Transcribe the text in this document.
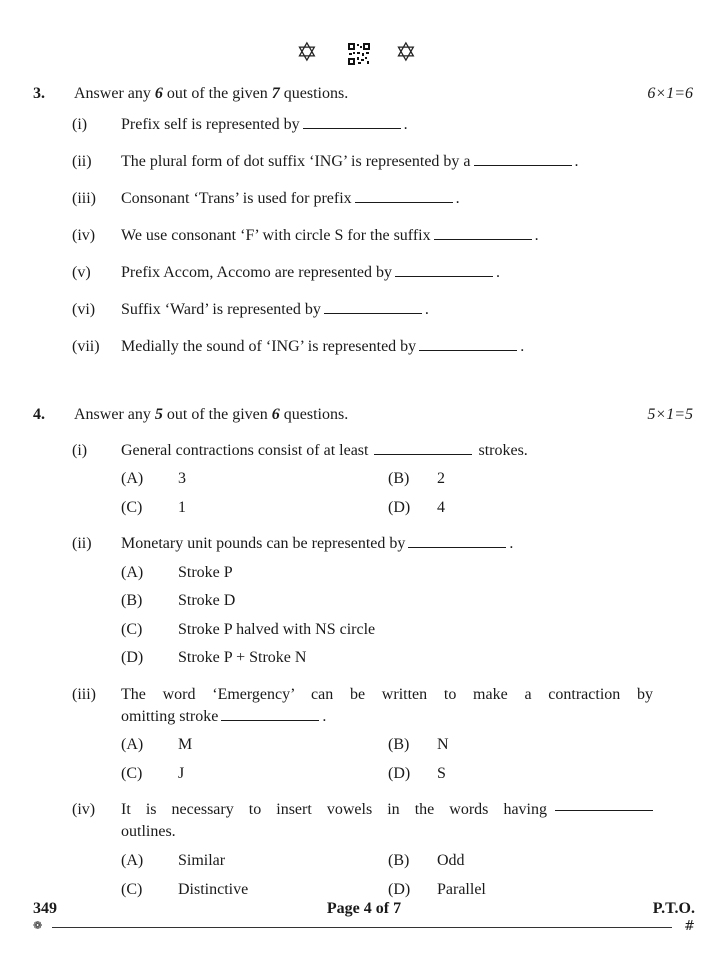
✡	✡
3. Answer any 6 out of the given 7 questions.	6×1=6
(i) Prefix self is represented by	.
(ii) The plural form of dot suffix ‘ING’ is represented by a	.
(iii) Consonant ‘Trans’ is used for prefix	.
(iv) We use consonant ‘F’ with circle S for the suffix	.
(v) Prefix Accom, Accomo are represented by	.
(vi) Suffix ‘Ward’ is represented by	.
(vii) Medially the sound of ‘ING’ is represented by	.
4. Answer any 5 out of the given 6 questions.	5×1=5
(i) General contractions consist of at least	strokes.
(A) 3	(B) 2
(C) 1	(D) 4
(ii) Monetary unit pounds can be represented by	.
(A) Stroke P
(B) Stroke D
(C) Stroke P halved with NS circle
(D) Stroke P + Stroke N
(iii) The word ‘Emergency’ can be written to make a contraction by
omitting stroke	.
(A) M	(B) N
(C) J	(D) S
(iv) It is necessary to insert vowels in the words having
outlines.
(A) Similar	(B) Odd
(C) Distinctive	(D) Parallel
349	Page 4 of 7	P.T.O.
❁	#
